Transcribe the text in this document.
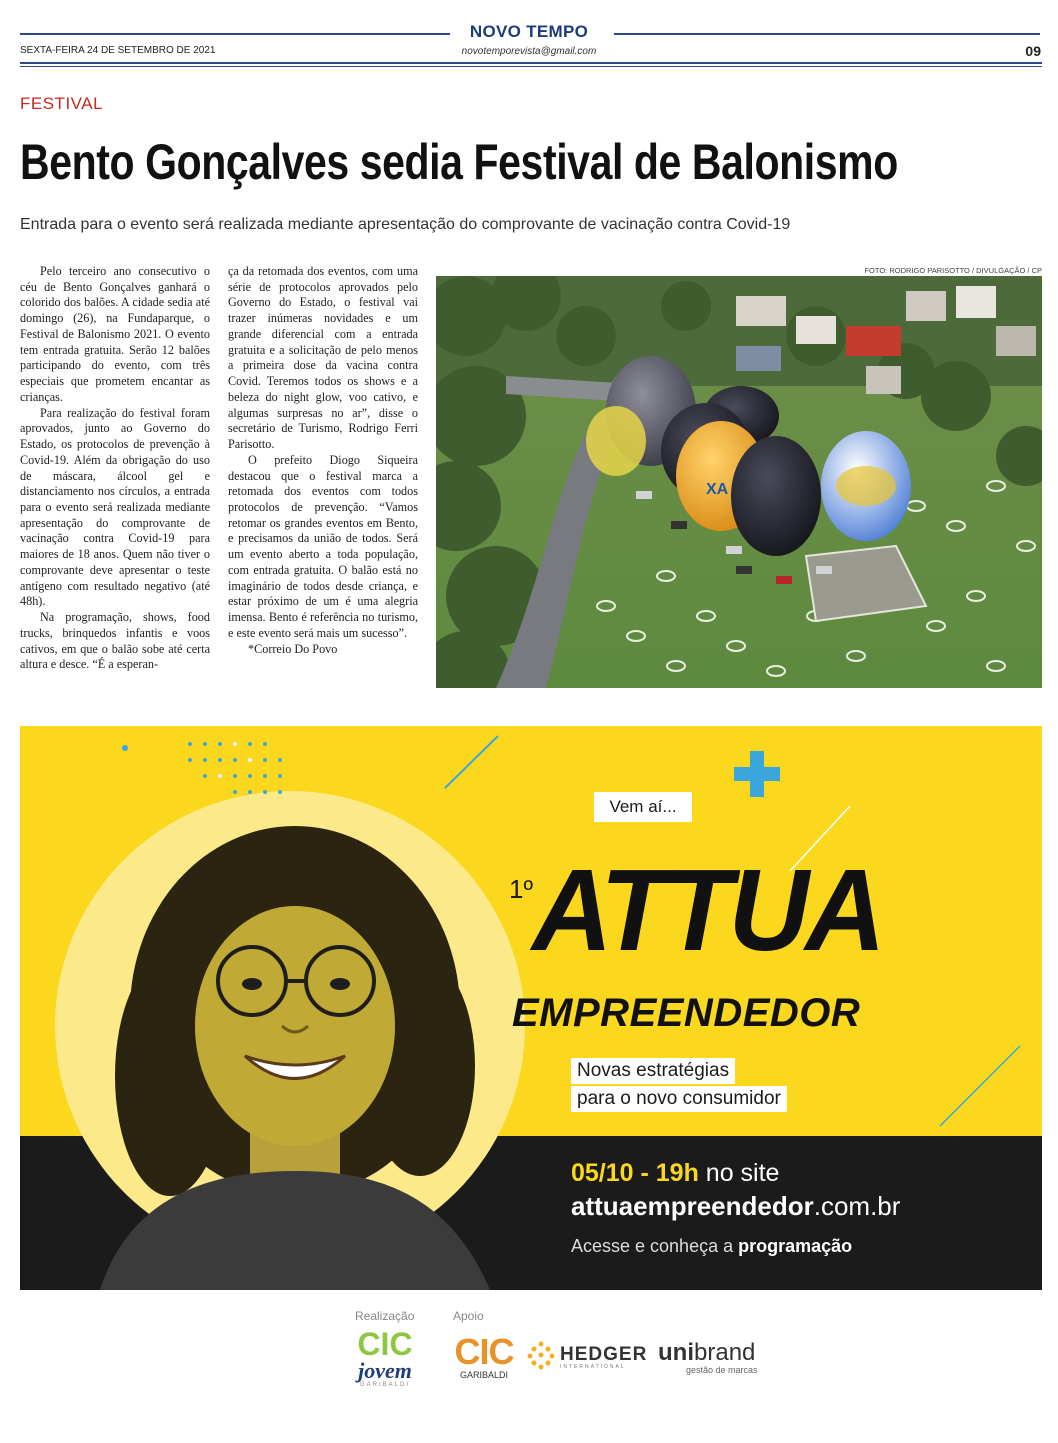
NOVO TEMPO
SEXTA-FEIRA 24 DE SETEMBRO DE 2021	novotemporevista@gmail.com	09
FESTIVAL
Bento Gonçalves sedia Festival de Balonismo
Entrada para o evento será realizada mediante apresentação do comprovante de vacinação contra Covid-19

Pelo terceiro ano consecutivo o céu de Bento Gonçalves ganhará o colorido dos balões. A cidade sedia até domingo (26), na Fundaparque, o Festival de Balonismo 2021. O evento tem entrada gratuita. Serão 12 balões participando do evento, com três especiais que prometem encantar as crianças.

Para realização do festival foram aprovados, junto ao Governo do Estado, os protocolos de prevenção à Covid-19. Além da obrigação do uso de máscara, álcool gel e distanciamento nos círculos, a entrada para o evento será realizada mediante apresentação do comprovante de vacinação contra Covid-19 para maiores de 18 anos. Quem não tiver o comprovante deve apresentar o teste antígeno com resultado negativo (até 48h).

Na programação, shows, food trucks, brinquedos infantis e voos cativos, em que o balão sobe até certa altura e desce. “É a esperan-

ça da retomada dos eventos, com uma série de protocolos aprovados pelo Governo do Estado, o festival vai trazer inúmeras novidades e um grande diferencial com a entrada gratuita e a solicitação de pelo menos a primeira dose da vacina contra Covid. Teremos todos os shows e a beleza do night glow, voo cativo, e algumas surpresas no ar”, disse o secretário de Turismo, Rodrigo Ferri Parisotto.

O prefeito Diogo Siqueira destacou que o festival marca a retomada dos eventos com todos protocolos de prevenção. “Vamos retomar os grandes eventos em Bento, e precisamos da união de todos. Será um evento aberto a toda população, com entrada gratuita. O balão está no imaginário de todos desde criança, e estar próximo de um é uma alegria imensa. Bento é referência no turismo, e este evento será mais um sucesso”.

*Correio Do Povo

FOTO: RODRIGO PARISOTTO / DIVULGAÇÃO / CP
XA
Vem aí...
1º ATTUA
EMPREENDEDOR
Novas estratégias
para o novo consumidor
05/10 - 19h no site
attuaempreendedor.com.br
Acesse e conheça a programação
Realização	Apoio
CIC
jovem
GARIBALDI
CIC
GARIBALDI
HEDGER
INTERNATIONAL
unibrand
gestão de marcas
